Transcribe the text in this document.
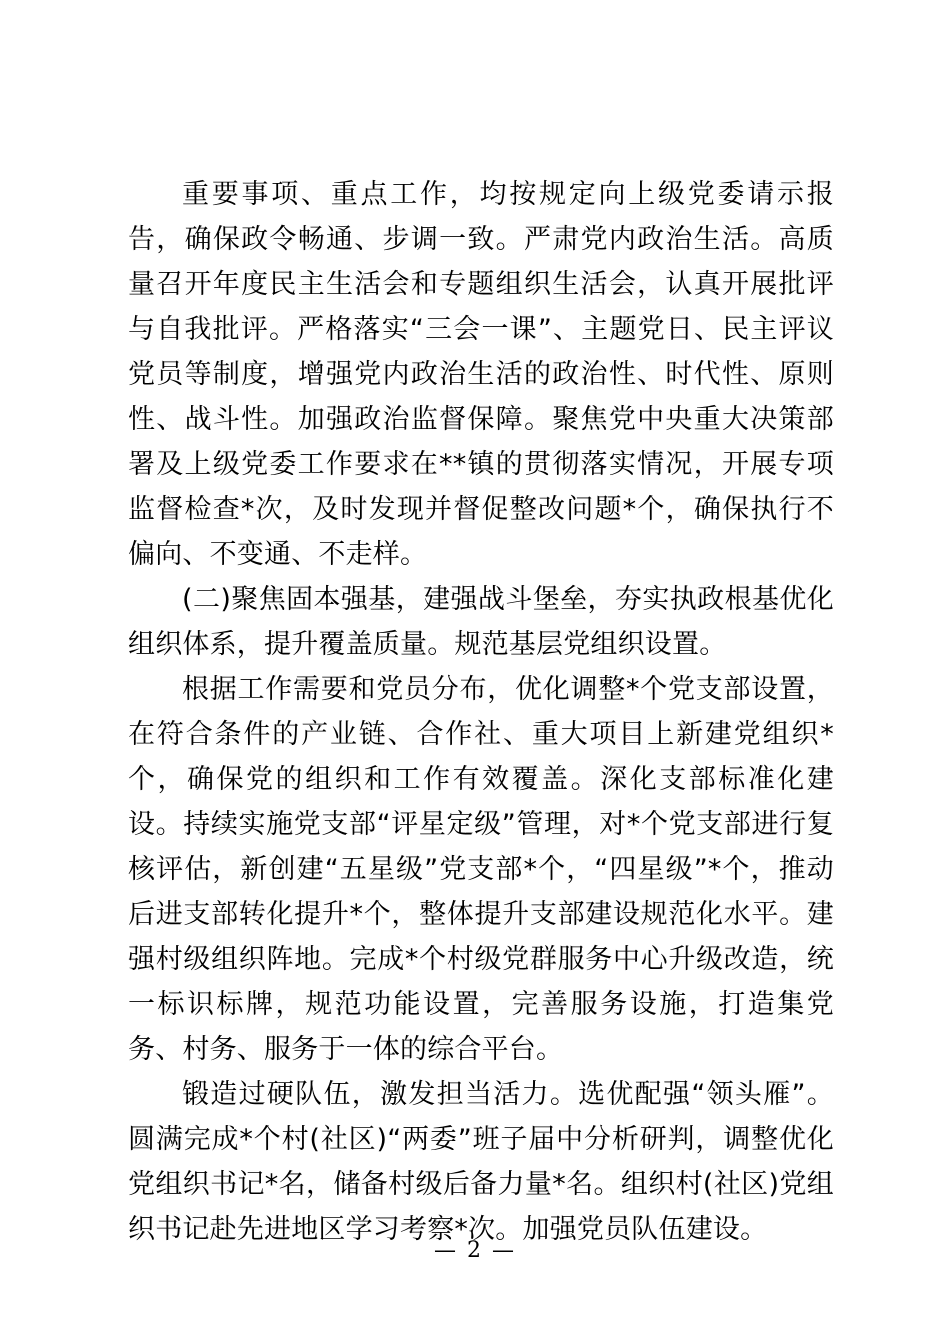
重要事项、重点工作，均按规定向上级党委请示报告，确保政令畅通、步调一致。严肃党内政治生活。高质量召开年度民主生活会和专题组织生活会，认真开展批评与自我批评。严格落实“三会一课”、主题党日、民主评议党员等制度，增强党内政治生活的政治性、时代性、原则性、战斗性。加强政治监督保障。聚焦党中央重大决策部署及上级党委工作要求在**镇的贯彻落实情况，开展专项监督检查*次，及时发现并督促整改问题*个，确保执行不偏向、不变通、不走样。

(二)聚焦固本强基，建强战斗堡垒，夯实执政根基优化组织体系，提升覆盖质量。规范基层党组织设置。

根据工作需要和党员分布，优化调整*个党支部设置，在符合条件的产业链、合作社、重大项目上新建党组织*个，确保党的组织和工作有效覆盖。深化支部标准化建设。持续实施党支部“评星定级”管理，对*个党支部进行复核评估，新创建“五星级”党支部*个，“四星级”*个，推动后进支部转化提升*个，整体提升支部建设规范化水平。建强村级组织阵地。完成*个村级党群服务中心升级改造，统一标识标牌，规范功能设置，完善服务设施，打造集党务、村务、服务于一体的综合平台。

锻造过硬队伍，激发担当活力。选优配强“领头雁”。圆满完成*个村(社区)“两委”班子届中分析研判，调整优化党组织书记*名，储备村级后备力量*名。组织村(社区)党组织书记赴先进地区学习考察*次。加强党员队伍建设。

— 2 —
